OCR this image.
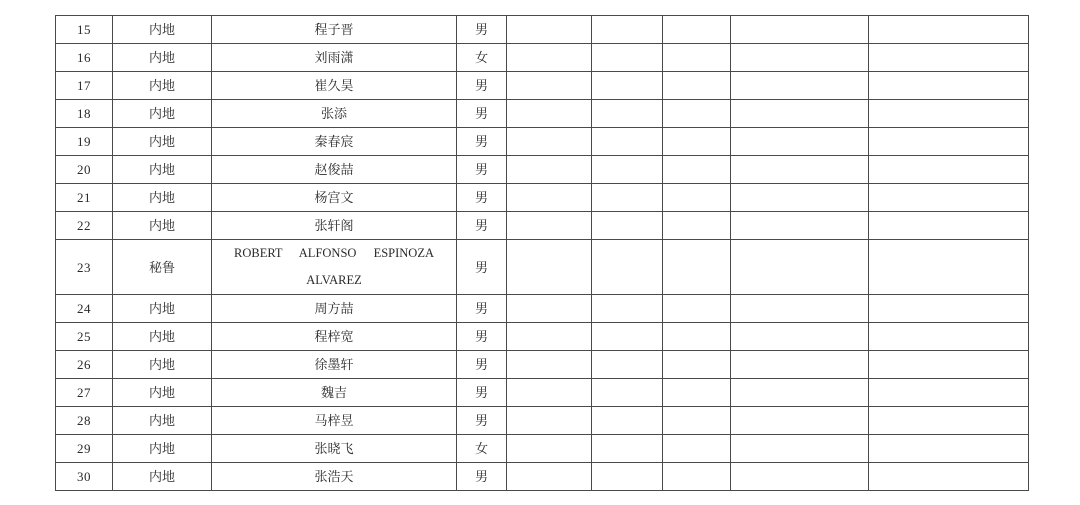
15	内地	程子晋	男					
16	内地	刘雨潇	女					
17	内地	崔久昊	男					
18	内地	张添	男					
19	内地	秦春宸	男					
20	内地	赵俊喆	男					
21	内地	杨宫文	男					
22	内地	张轩阁	男					
23	秘鲁	ROBERT ALFONSO ESPINOZA
ALVAREZ	男					
24	内地	周方喆	男					
25	内地	程梓宽	男					
26	内地	徐墨轩	男					
27	内地	魏吉	男					
28	内地	马梓昱	男					
29	内地	张晓飞	女					
30	内地	张浩天	男					
